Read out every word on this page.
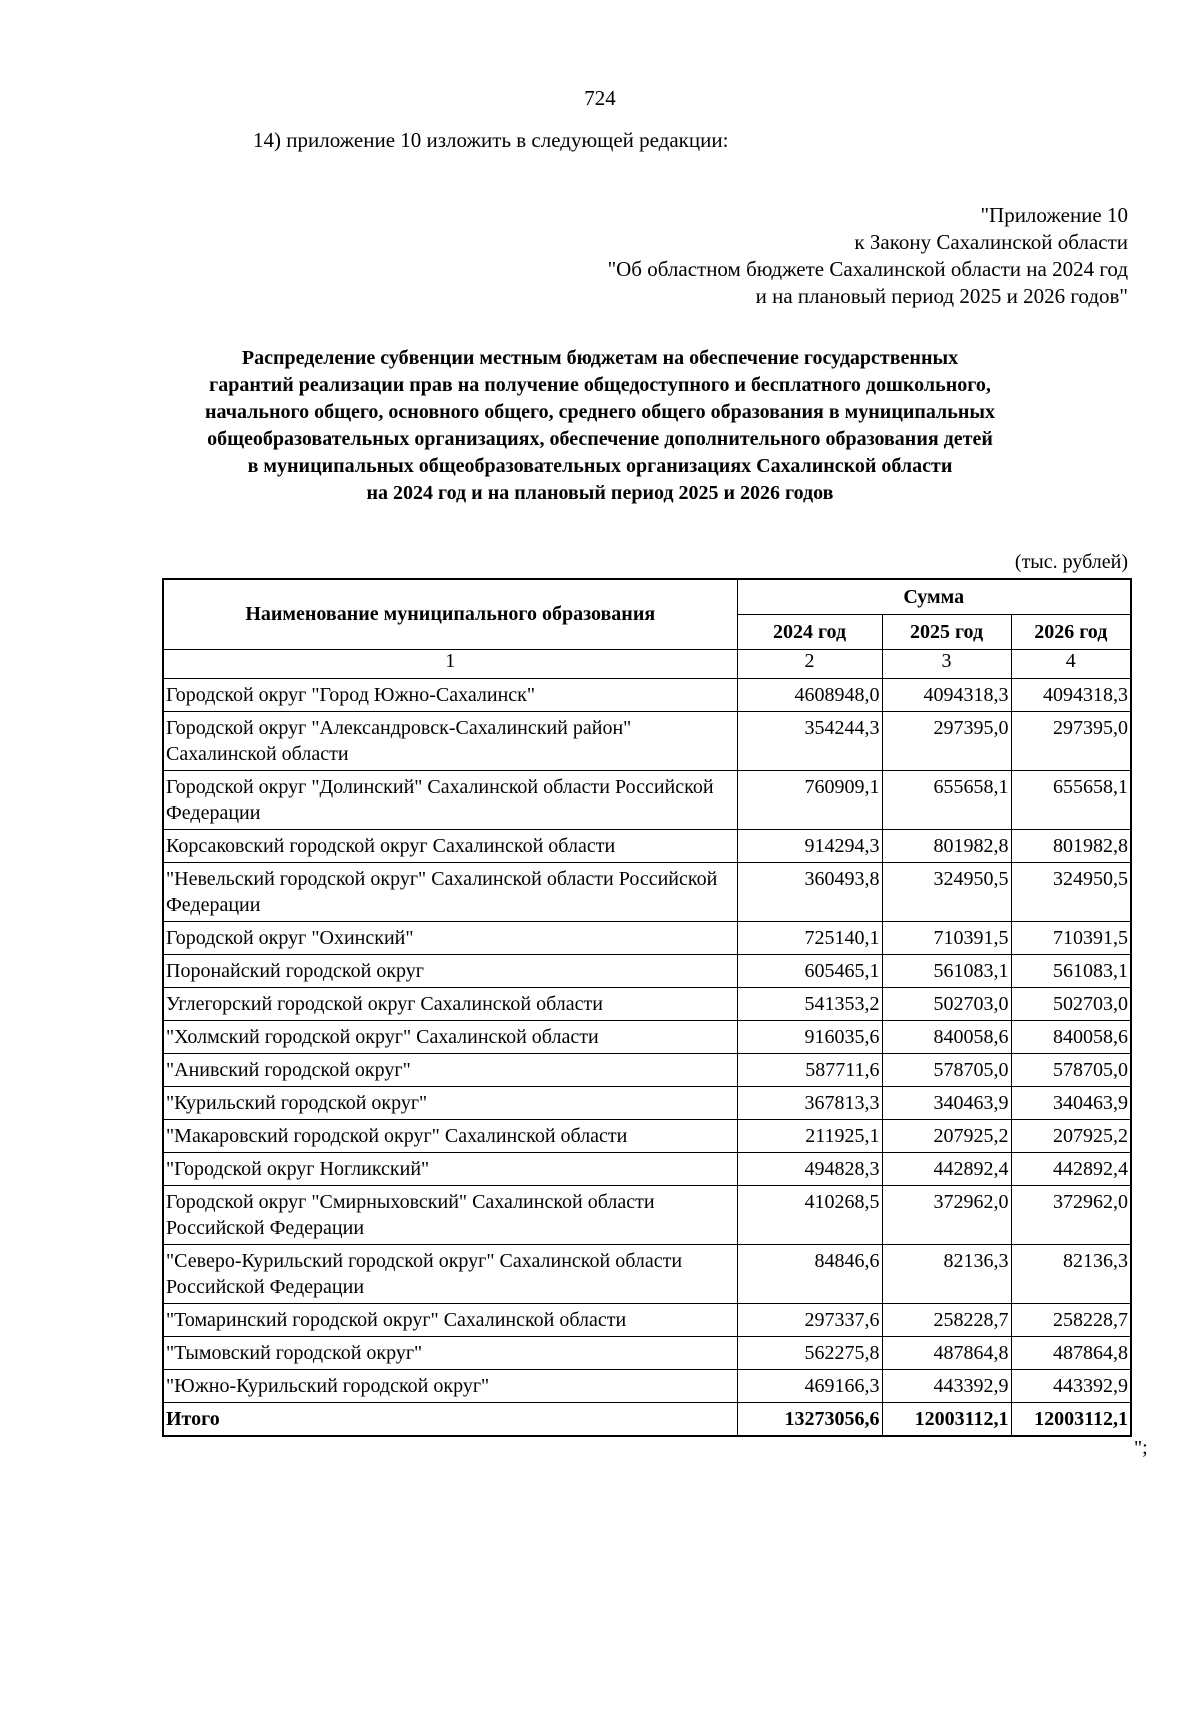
724
14) приложение 10 изложить в следующей редакции:
"Приложение 10
к Закону Сахалинской области
"Об областном бюджете Сахалинской области на 2024 год
и на плановый период 2025 и 2026 годов"
Распределение субвенции местным бюджетам на обеспечение государственных
гарантий реализации прав на получение общедоступного и бесплатного дошкольного,
начального общего, основного общего, среднего общего образования в муниципальных
общеобразовательных организациях, обеспечение дополнительного образования детей
в муниципальных общеобразовательных организациях Сахалинской области
на 2024 год и на плановый период 2025 и 2026 годов
(тыс. рублей)
Наименование муниципального образования	Сумма		
	2024 год	2025 год	2026 год
1	2	3	4
Городской округ "Город Южно-Сахалинск"	4608948,0	4094318,3	4094318,3
Городской округ "Александровск-Сахалинский район" Сахалинской области	354244,3	297395,0	297395,0
Городской округ "Долинский" Сахалинской области Российской Федерации	760909,1	655658,1	655658,1
Корсаковский городской округ Сахалинской области	914294,3	801982,8	801982,8
"Невельский городской округ" Сахалинской области Российской Федерации	360493,8	324950,5	324950,5
Городской округ "Охинский"	725140,1	710391,5	710391,5
Поронайский городской округ	605465,1	561083,1	561083,1
Углегорский городской округ Сахалинской области	541353,2	502703,0	502703,0
"Холмский городской округ" Сахалинской области	916035,6	840058,6	840058,6
"Анивский городской округ"	587711,6	578705,0	578705,0
"Курильский городской округ"	367813,3	340463,9	340463,9
"Макаровский городской округ" Сахалинской области	211925,1	207925,2	207925,2
"Городской округ Ногликский"	494828,3	442892,4	442892,4
Городской округ "Смирныховский" Сахалинской области Российской Федерации	410268,5	372962,0	372962,0
"Северо-Курильский городской округ" Сахалинской области Российской Федерации	84846,6	82136,3	82136,3
"Томаринский городской округ" Сахалинской области	297337,6	258228,7	258228,7
"Тымовский городской округ"	562275,8	487864,8	487864,8
"Южно-Курильский городской округ"	469166,3	443392,9	443392,9
Итого	13273056,6	12003112,1	12003112,1
";
